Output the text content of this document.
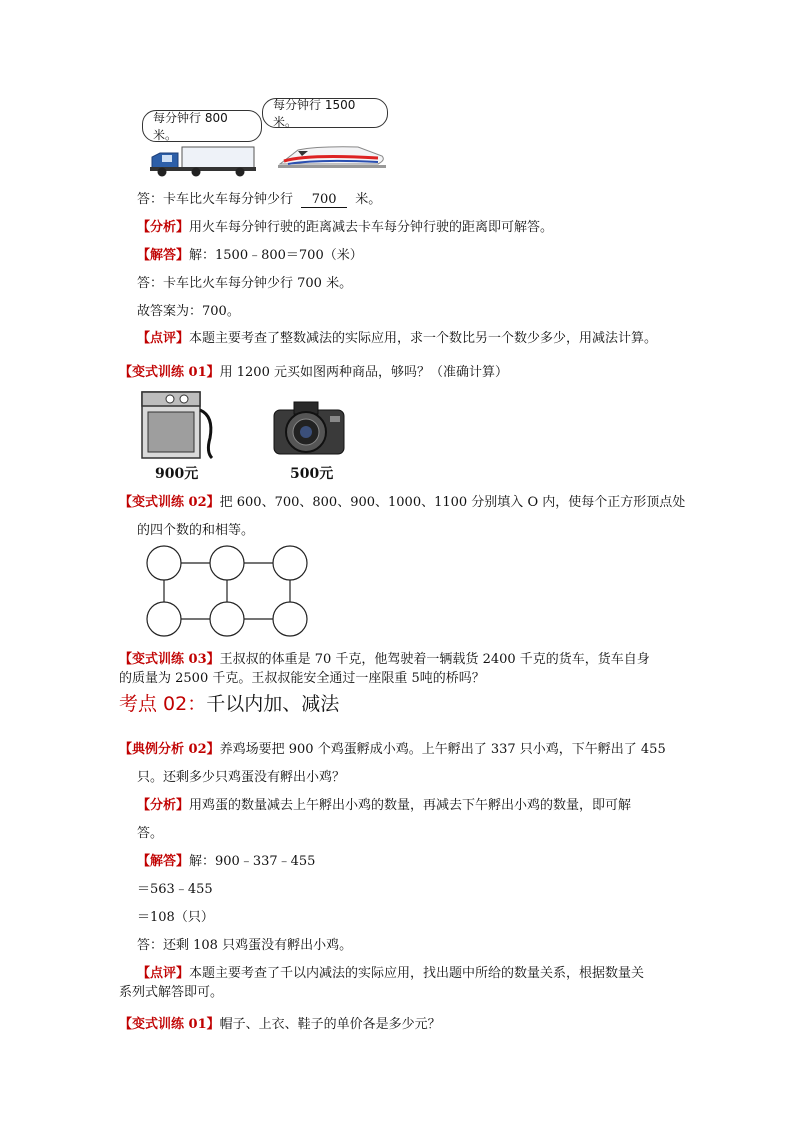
每分钟行 800 米。
每分钟行 1500 米。
答：卡车比火车每分钟少行 700 米。
【分析】用火车每分钟行驶的距离减去卡车每分钟行驶的距离即可解答。
【解答】解：1500﹣800＝700（米）
答：卡车比火车每分钟少行 700 米。
故答案为：700。
【点评】本题主要考查了整数减法的实际应用，求一个数比另一个数少多少，用减法计算。
【变式训练 01】用 1200 元买如图两种商品，够吗？（准确计算）
900元	500元
【变式训练 02】把 600、700、800、900、1000、1100 分别填入 O 内，使每个正方形顶点处
的四个数的和相等。
【变式训练 03】王叔叔的体重是 70 千克，他驾驶着一辆载货 2400 千克的货车，货车自身
的质量为 2500 千克。王叔叔能安全通过一座限重 5吨的桥吗？
考点 02：千以内加、减法
【典例分析 02】养鸡场要把 900 个鸡蛋孵成小鸡。上午孵出了 337 只小鸡，下午孵出了 455
只。还剩多少只鸡蛋没有孵出小鸡？
【分析】用鸡蛋的数量减去上午孵出小鸡的数量，再减去下午孵出小鸡的数量，即可解
答。
【解答】解：900﹣337﹣455
＝563﹣455
＝108（只）
答：还剩 108 只鸡蛋没有孵出小鸡。
【点评】本题主要考查了千以内减法的实际应用，找出题中所给的数量关系，根据数量关
系列式解答即可。
【变式训练 01】帽子、上衣、鞋子的单价各是多少元？
